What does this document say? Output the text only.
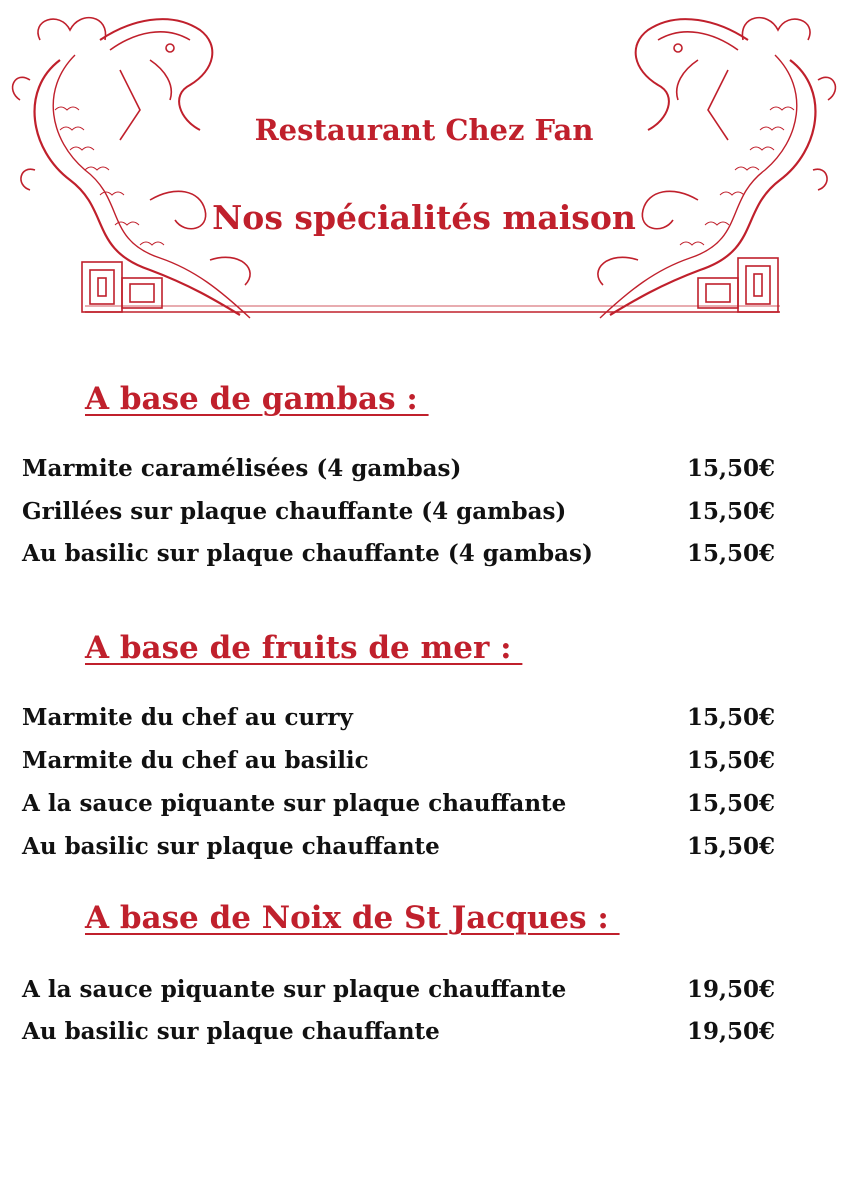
Restaurant Chez Fan
Nos spécialités maison
A base de gambas :
Marmite caramélisées (4 gambas)	15,50€
Grillées sur plaque chauffante (4 gambas)	15,50€
Au basilic sur plaque chauffante (4 gambas)	15,50€
A base de fruits de mer :
Marmite du chef au curry	15,50€
Marmite du chef au basilic	15,50€
A la sauce piquante sur plaque chauffante	15,50€
Au basilic sur plaque chauffante	15,50€
A base de Noix de St Jacques :
A la sauce piquante sur plaque chauffante	19,50€
Au basilic sur plaque chauffante	19,50€
